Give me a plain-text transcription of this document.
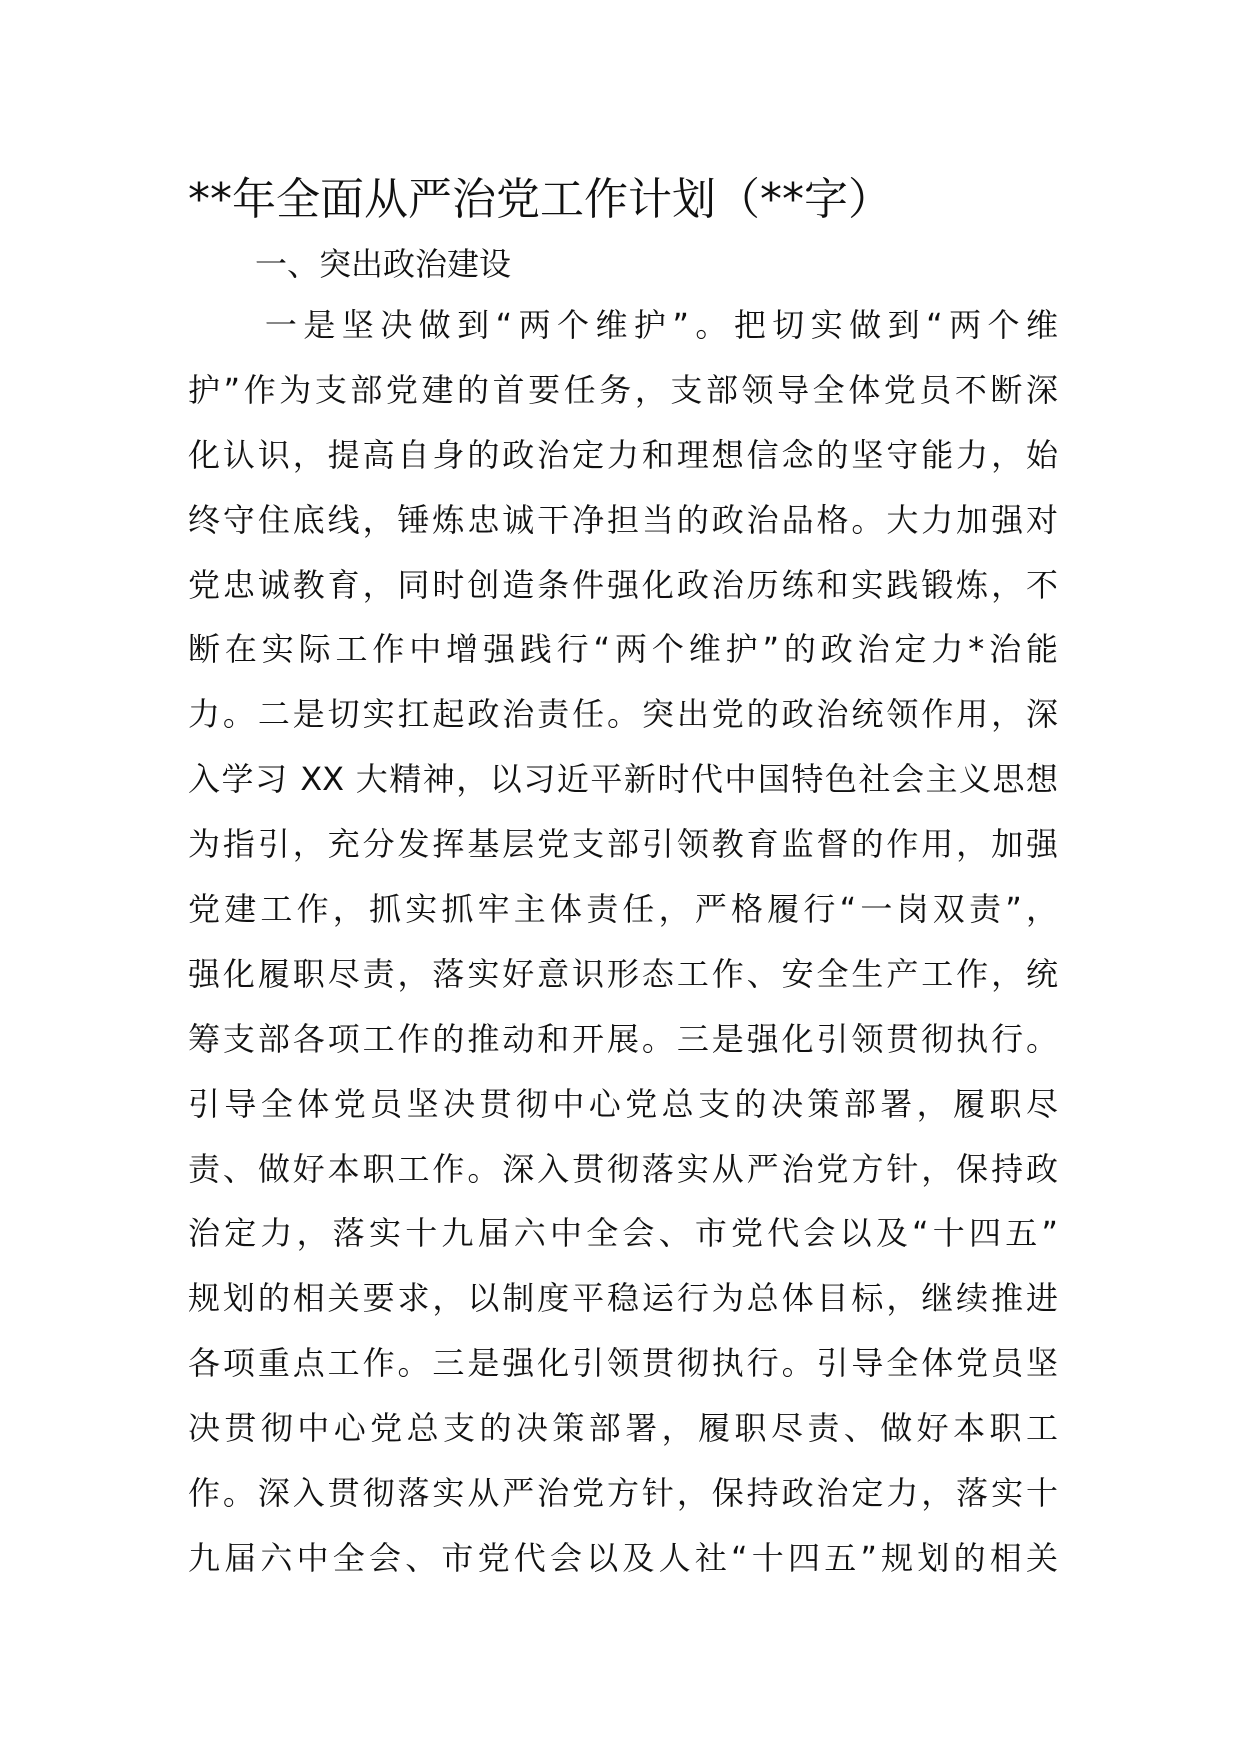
**年全面从严治党工作计划（**字）
一、突出政治建设
　　一是坚决做到“两个维护”。把切实做到“两个维
护”作为支部党建的首要任务，支部领导全体党员不断深
化认识，提高自身的政治定力和理想信念的坚守能力，始
终守住底线，锤炼忠诚干净担当的政治品格。大力加强对
党忠诚教育，同时创造条件强化政治历练和实践锻炼，不
断在实际工作中增强践行“两个维护”的政治定力*治能
力。二是切实扛起政治责任。突出党的政治统领作用，深
入学习 XX 大精神，以习近平新时代中国特色社会主义思想
为指引，充分发挥基层党支部引领教育监督的作用，加强
党建工作，抓实抓牢主体责任，严格履行“一岗双责”，
强化履职尽责，落实好意识形态工作、安全生产工作，统
筹支部各项工作的推动和开展。三是强化引领贯彻执行。
引导全体党员坚决贯彻中心党总支的决策部署，履职尽
责、做好本职工作。深入贯彻落实从严治党方针，保持政
治定力，落实十九届六中全会、市党代会以及“十四五”
规划的相关要求，以制度平稳运行为总体目标，继续推进
各项重点工作。三是强化引领贯彻执行。引导全体党员坚
决贯彻中心党总支的决策部署，履职尽责、做好本职工
作。深入贯彻落实从严治党方针，保持政治定力，落实十
九届六中全会、市党代会以及人社“十四五”规划的相关
